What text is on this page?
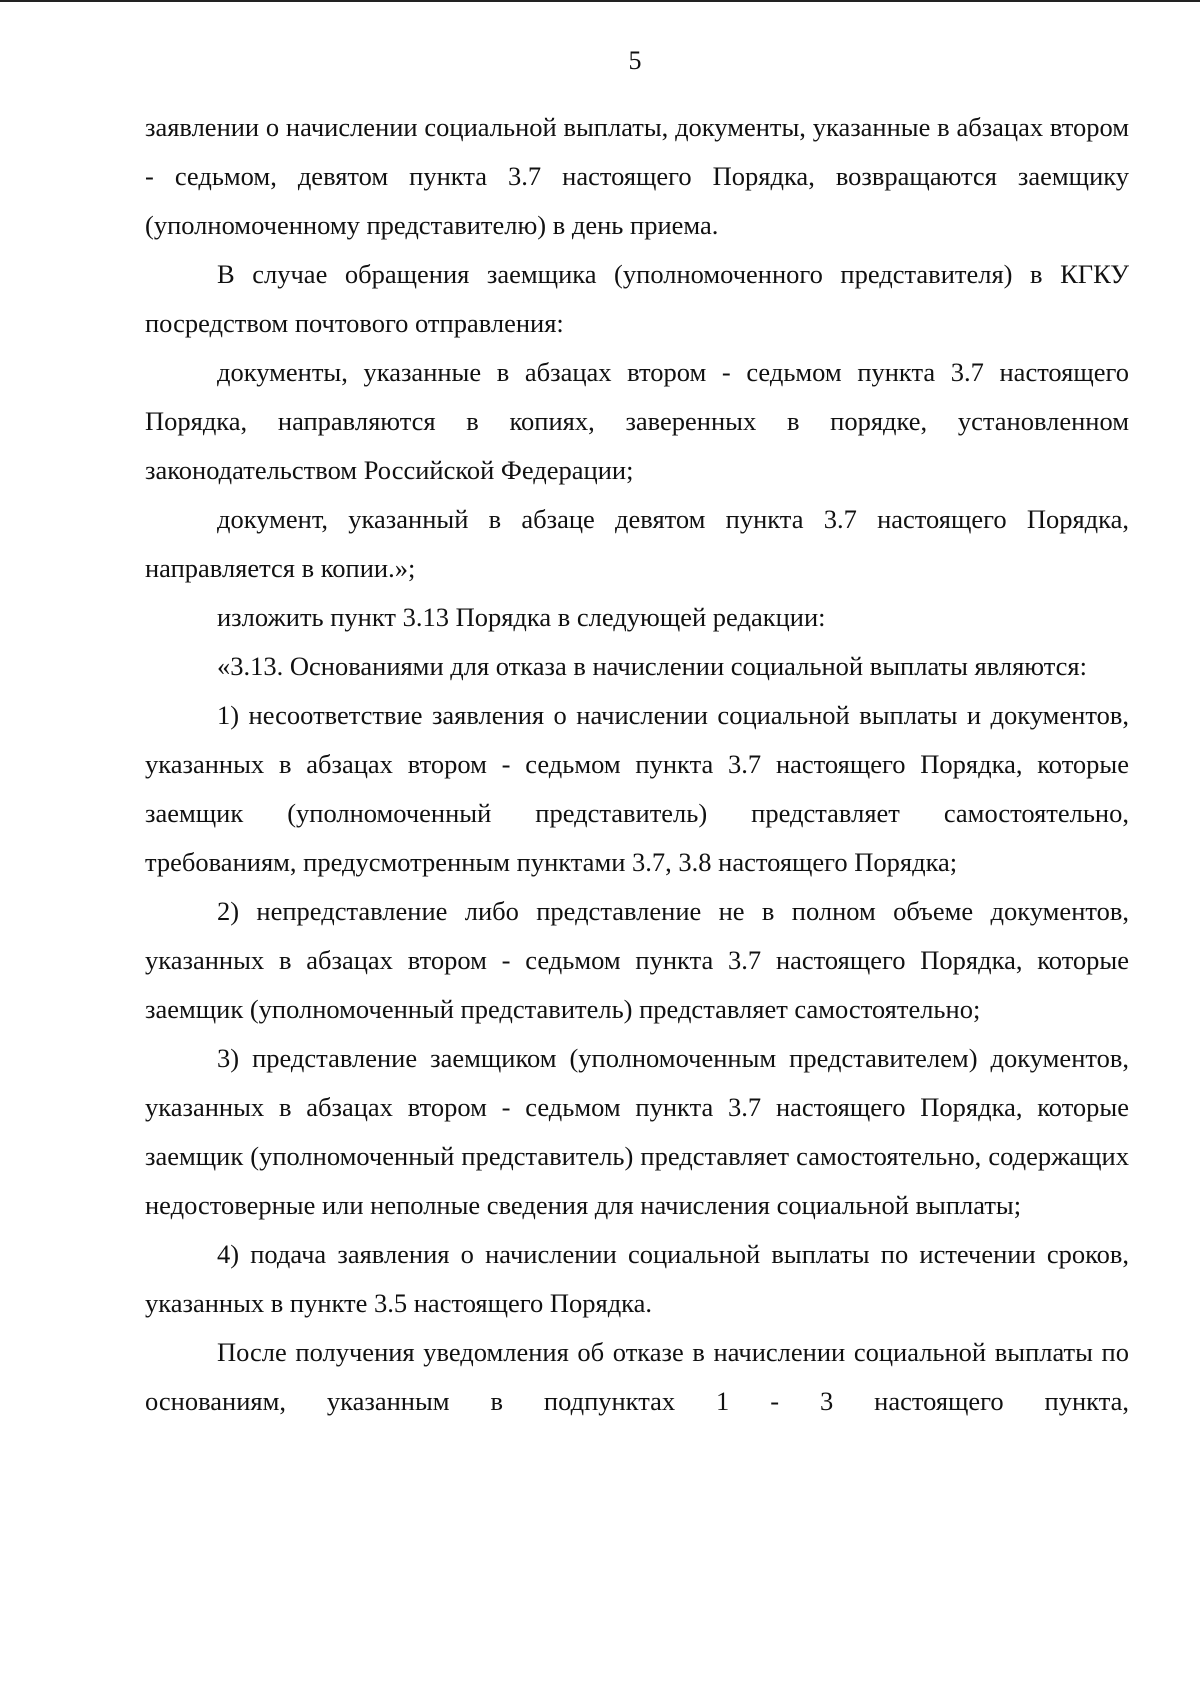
5

заявлении о начислении социальной выплаты, документы, указанные в абзацах втором - седьмом, девятом пункта 3.7 настоящего Порядка, возвращаются заемщику (уполномоченному представителю) в день приема.

В случае обращения заемщика (уполномоченного представителя) в КГКУ посредством почтового отправления:

документы, указанные в абзацах втором - седьмом пункта 3.7 настоящего Порядка, направляются в копиях, заверенных в порядке, установленном законодательством Российской Федерации;

документ, указанный в абзаце девятом пункта 3.7 настоящего Порядка, направляется в копии.»;

изложить пункт 3.13 Порядка в следующей редакции:

«3.13. Основаниями для отказа в начислении социальной выплаты являются:

1) несоответствие заявления о начислении социальной выплаты и документов, указанных в абзацах втором - седьмом пункта 3.7 настоящего Порядка, которые заемщик (уполномоченный представитель) представляет самостоятельно, требованиям, предусмотренным пунктами 3.7, 3.8 настоящего Порядка;

2) непредставление либо представление не в полном объеме документов, указанных в абзацах втором - седьмом пункта 3.7 настоящего Порядка, которые заемщик (уполномоченный представитель) представляет самостоятельно;

3) представление заемщиком (уполномоченным представителем) документов, указанных в абзацах втором - седьмом пункта 3.7 настоящего Порядка, которые заемщик (уполномоченный представитель) представляет самостоятельно, содержащих недостоверные или неполные сведения для начисления социальной выплаты;

4) подача заявления о начислении социальной выплаты по истечении сроков, указанных в пункте 3.5 настоящего Порядка.

После получения уведомления об отказе в начислении социальной выплаты по основаниям, указанным в подпунктах 1 - 3 настоящего пункта,
